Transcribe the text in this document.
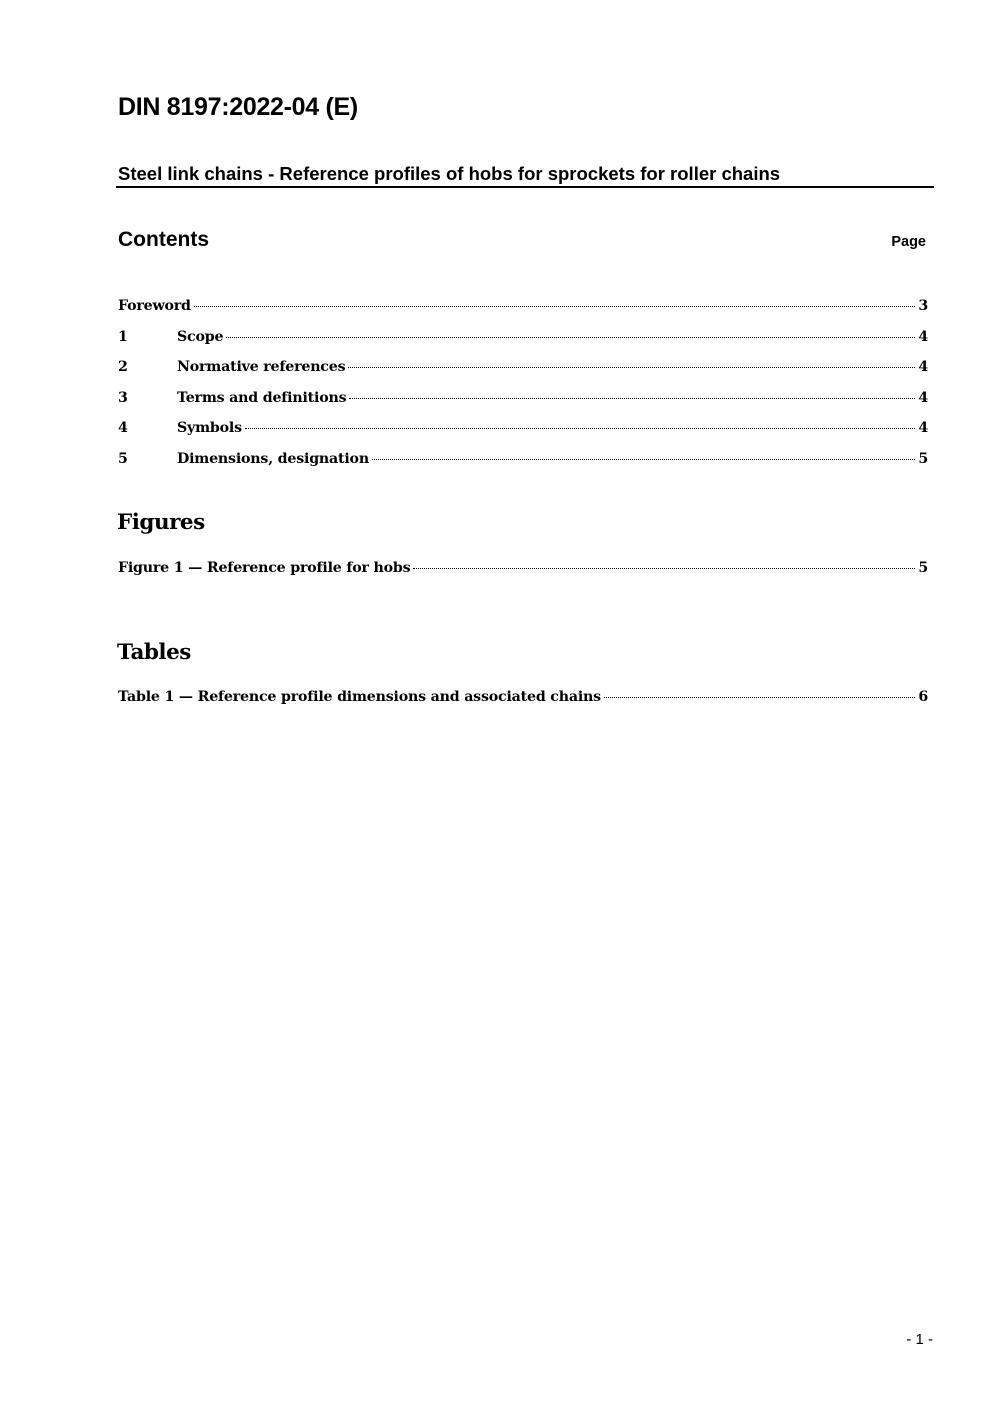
DIN 8197:2022-04 (E)
Steel link chains - Reference profiles of hobs for sprockets for roller chains
Contents	Page
Foreword	3
1	Scope	4
2	Normative references	4
3	Terms and definitions	4
4	Symbols	4
5	Dimensions, designation	5
Figures
Figure 1 — Reference profile for hobs	5
Tables
Table 1 — Reference profile dimensions and associated chains	6
- 1 -
